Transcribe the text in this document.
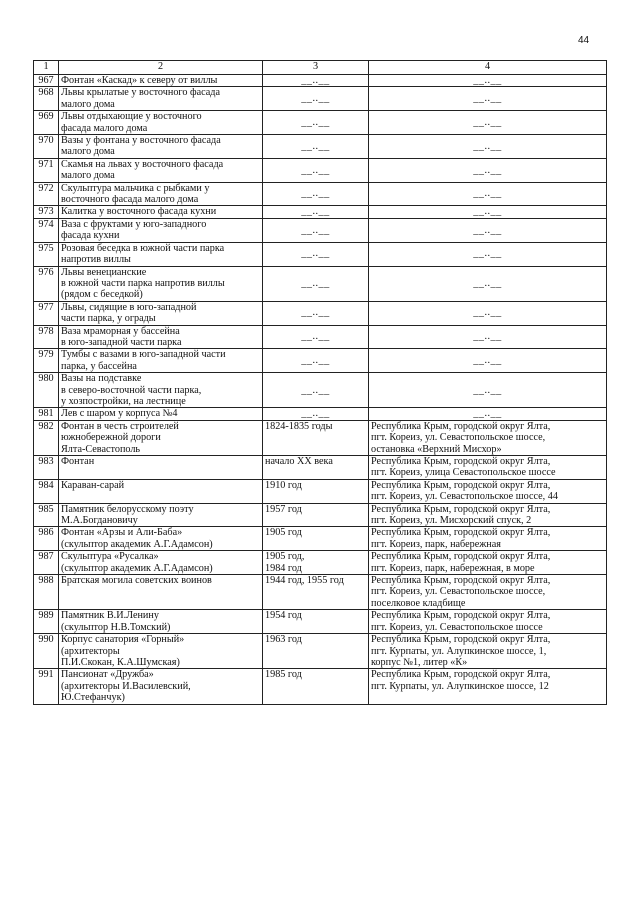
44
1	2	3	4
967	Фонтан «Каскад» к северу от виллы	__..__	__..__
968	Львы крылатые у восточного фасада
малого дома	__..__	__..__
969	Львы отдыхающие у восточного
фасада малого дома	__..__	__..__
970	Вазы у фонтана у восточного фасада
малого дома	__..__	__..__
971	Скамья на львах у восточного фасада
малого дома	__..__	__..__
972	Скульптура мальчика с рыбками у
восточного фасада малого дома	__..__	__..__
973	Калитка у восточного фасада кухни	__..__	__..__
974	Ваза с фруктами у юго-западного
фасада кухни	__..__	__..__
975	Розовая беседка в южной части парка
напротив виллы	__..__	__..__
976	Львы венецианские
в южной части парка напротив виллы
(рядом с беседкой)	__..__	__..__
977	Львы, сидящие в юго-западной
части парка, у ограды	__..__	__..__
978	Ваза мраморная у бассейна
в юго-западной части парка	__..__	__..__
979	Тумбы с вазами в юго-западной части
парка, у бассейна	__..__	__..__
980	Вазы на подставке
в северо-восточной части парка,
у хозпостройки, на лестнице	__..__	__..__
981	Лев с шаром у корпуса №4	__..__	__..__
982	Фонтан в честь строителей
южнобережной дороги
Ялта-Севастополь	1824-1835 годы	Республика Крым, городской округ Ялта,
пгт. Кореиз, ул. Севастопольское шоссе,
остановка «Верхний Мисхор»
983	Фонтан	начало XX века	Республика Крым, городской округ Ялта,
пгт. Кореиз, улица Севастопольское шоссе
984	Караван-сарай	1910 год	Республика Крым, городской округ Ялта,
пгт. Кореиз, ул. Севастопольское шоссе, 44
985	Памятник белорусскому поэту
М.А.Богдановичу	1957 год	Республика Крым, городской округ Ялта,
пгт. Кореиз, ул. Мисхорский спуск, 2
986	Фонтан «Арзы и Али-Баба»
(скульптор академик А.Г.Адамсон)	1905 год	Республика Крым, городской округ Ялта,
пгт. Кореиз, парк, набережная
987	Скульптура «Русалка»
(скульптор академик А.Г.Адамсон)	1905 год,
1984 год	Республика Крым, городской округ Ялта,
пгт. Кореиз, парк, набережная, в море
988	Братская могила советских воинов	1944 год, 1955 год	Республика Крым, городской округ Ялта,
пгт. Кореиз, ул. Севастопольское шоссе,
поселковое кладбище
989	Памятник В.И.Ленину
(скульптор Н.В.Томский)	1954 год	Республика Крым, городской округ Ялта,
пгт. Кореиз, ул. Севастопольское шоссе
990	Корпус санатория «Горный»
(архитекторы
П.И.Скокан, К.А.Шумская)	1963 год	Республика Крым, городской округ Ялта,
пгт. Курпаты, ул. Алупкинское шоссе, 1,
корпус №1, литер «К»
991	Пансионат «Дружба»
(архитекторы И.Василевский,
Ю.Стефанчук)	1985 год	Республика Крым, городской округ Ялта,
пгт. Курпаты, ул. Алупкинское шоссе, 12
